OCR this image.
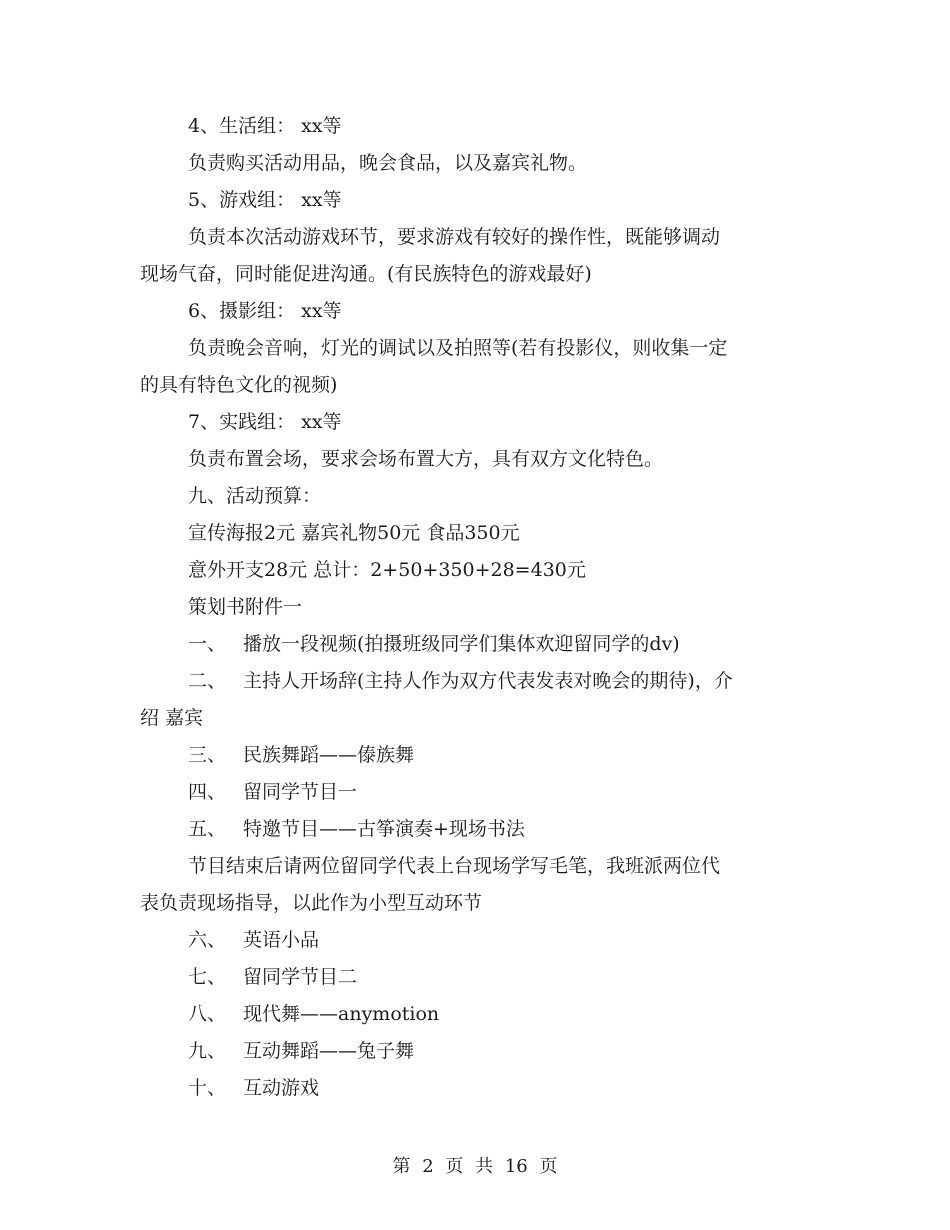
4、生活组： xx等
负责购买活动用品，晚会食品，以及嘉宾礼物。
5、游戏组： xx等
负责本次活动游戏环节，要求游戏有较好的操作性，既能够调动
现场气奋，同时能促进沟通。(有民族特色的游戏最好)
6、摄影组： xx等
负责晚会音响，灯光的调试以及拍照等(若有投影仪，则收集一定
的具有特色文化的视频)
7、实践组： xx等
负责布置会场，要求会场布置大方，具有双方文化特色。
九、活动预算：
宣传海报2元 嘉宾礼物50元 食品350元
意外开支28元 总计：2+50+350+28=430元
策划书附件一
一、 播放一段视频(拍摄班级同学们集体欢迎留同学的dv)
二、 主持人开场辞(主持人作为双方代表发表对晚会的期待)，介
绍 嘉宾
三、 民族舞蹈——傣族舞
四、 留同学节目一
五、 特邀节目——古筝演奏+现场书法
节目结束后请两位留同学代表上台现场学写毛笔，我班派两位代
表负责现场指导，以此作为小型互动环节
六、 英语小品
七、 留同学节目二
八、 现代舞——anymotion
九、 互动舞蹈——兔子舞
十、 互动游戏
第 2 页 共 16 页
